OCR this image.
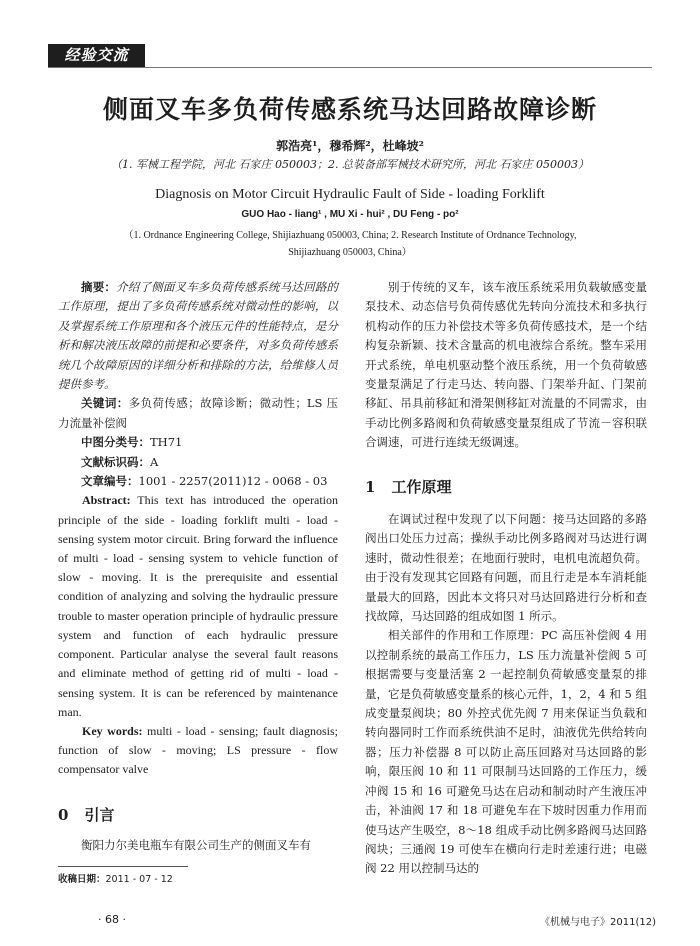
经验交流
侧面叉车多负荷传感系统马达回路故障诊断
郭浩亮¹，穆希辉²，杜峰坡²
（1. 军械工程学院，河北 石家庄 050003；2. 总装备部军械技术研究所，河北 石家庄 050003）
Diagnosis on Motor Circuit Hydraulic Fault of Side - loading Forklift
GUO Hao - liang¹ , MU Xi - hui² , DU Feng - po²
（1. Ordnance Engineering College, Shijiazhuang 050003, China; 2. Research Institute of Ordnance Technology,
Shijiazhuang 050003, China）

摘要：介绍了侧面叉车多负荷传感系统马达回路的工作原理，提出了多负荷传感系统对微动性的影响，以及掌握系统工作原理和各个液压元件的性能特点，是分析和解决液压故障的前提和必要条件，对多负荷传感系统几个故障原因的详细分析和排除的方法，给维修人员提供参考。

关键词：多负荷传感；故障诊断；微动性；LS 压力流量补偿阀

中图分类号：TH71

文献标识码：A

文章编号：1001 - 2257(2011)12 - 0068 - 03

Abstract: This text has introduced the operation principle of the side - loading forklift multi - load - sensing system motor circuit. Bring forward the influence of multi - load - sensing system to vehicle function of slow - moving. It is the prerequisite and essential condition of analyzing and solving the hydraulic pressure trouble to master operation principle of hydraulic pressure system and function of each hydraulic pressure component. Particular analyse the several fault reasons and eliminate method of getting rid of multi - load - sensing system. It is can be referenced by maintenance man.

Key words: multi - load - sensing; fault diagnosis; function of slow - moving; LS pressure - flow compensator valve

0 引言
衡阳力尔美电瓶车有限公司生产的侧面叉车有
别于传统的叉车，该车液压系统采用负载敏感变量泵技术、动态信号负荷传感优先转向分流技术和多执行机构动作的压力补偿技术等多负荷传感技术，是一个结构复杂新颖、技术含量高的机电液综合系统。整车采用开式系统，单电机驱动整个液压系统，用一个负荷敏感变量泵满足了行走马达、转向器、门架举升缸、门架前移缸、吊具前移缸和滑架侧移缸对流量的不同需求，由手动比例多路阀和负荷敏感变量泵组成了节流－容积联合调速，可进行连续无级调速。
1 工作原理

在调试过程中发现了以下问题：接马达回路的多路阀出口处压力过高；操纵手动比例多路阀对马达进行调速时，微动性很差；在地面行驶时，电机电流超负荷。由于没有发现其它回路有问题，而且行走是本车消耗能量最大的回路，因此本文将只对马达回路进行分析和查找故障，马达回路的组成如图 1 所示。

相关部件的作用和工作原理：PC 高压补偿阀 4 用以控制系统的最高工作压力，LS 压力流量补偿阀 5 可根据需要与变量活塞 2 一起控制负荷敏感变量泵的排量，它是负荷敏感变量系的核心元件，1，2，4 和 5 组成变量泵阀块；80 外控式优先阀 7 用来保证当负载和转向器同时工作而系统供油不足时，油液优先供给转向器；压力补偿器 8 可以防止高压回路对马达回路的影响，限压阀 10 和 11 可限制马达回路的工作压力，缓冲阀 15 和 16 可避免马达在启动和制动时产生液压冲击，补油阀 17 和 18 可避免车在下坡时因重力作用而使马达产生吸空，8～18 组成手动比例多路阀马达回路阀块；三通阀 19 可使车在横向行走时差速行进；电磁阀 22 用以控制马达的

收稿日期：2011 - 07 - 12
· 68 ·	《机械与电子》2011(12)
